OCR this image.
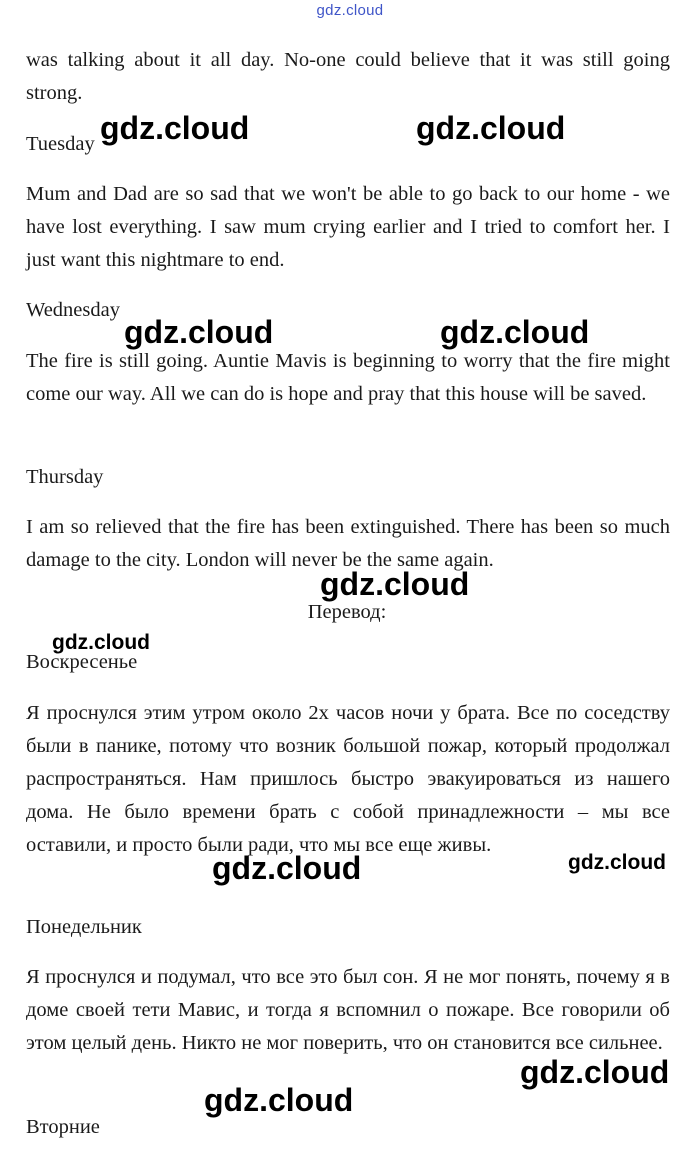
gdz.cloud

was talking about it all day. No-one could believe that it was still going strong.

Tuesday

Mum and Dad are so sad that we won't be able to go back to our home - we have lost everything. I saw mum crying earlier and I tried to comfort her. I just want this nightmare to end.

Wednesday

The fire is still going. Auntie Mavis is beginning to worry that the fire might come our way. All we can do is hope and pray that this house will be saved.

Thursday

I am so relieved that the fire has been extinguished. There has been so much damage to the city. London will never be the same again.

Перевод:

Воскресенье

Я проснулся этим утром около 2х часов ночи у брата. Все по соседству были в панике, потому что возник большой пожар, который продолжал распространяться. Нам пришлось быстро эвакуироваться из нашего дома. Не было времени брать с собой принадлежности – мы все оставили, и просто были ради, что мы все еще живы.

Понедельник

Я проснулся и подумал, что все это был сон. Я не мог понять, почему я в доме своей тети Мавис, и тогда я вспомнил о пожаре. Все говорили об этом целый день. Никто не мог поверить, что он становится все сильнее.

Вторние

gdz.cloud	gdz.cloud
gdz.cloud	gdz.cloud
gdz.cloud
gdz.cloud
gdz.cloud	gdz.cloud
gdz.cloud
gdz.cloud
